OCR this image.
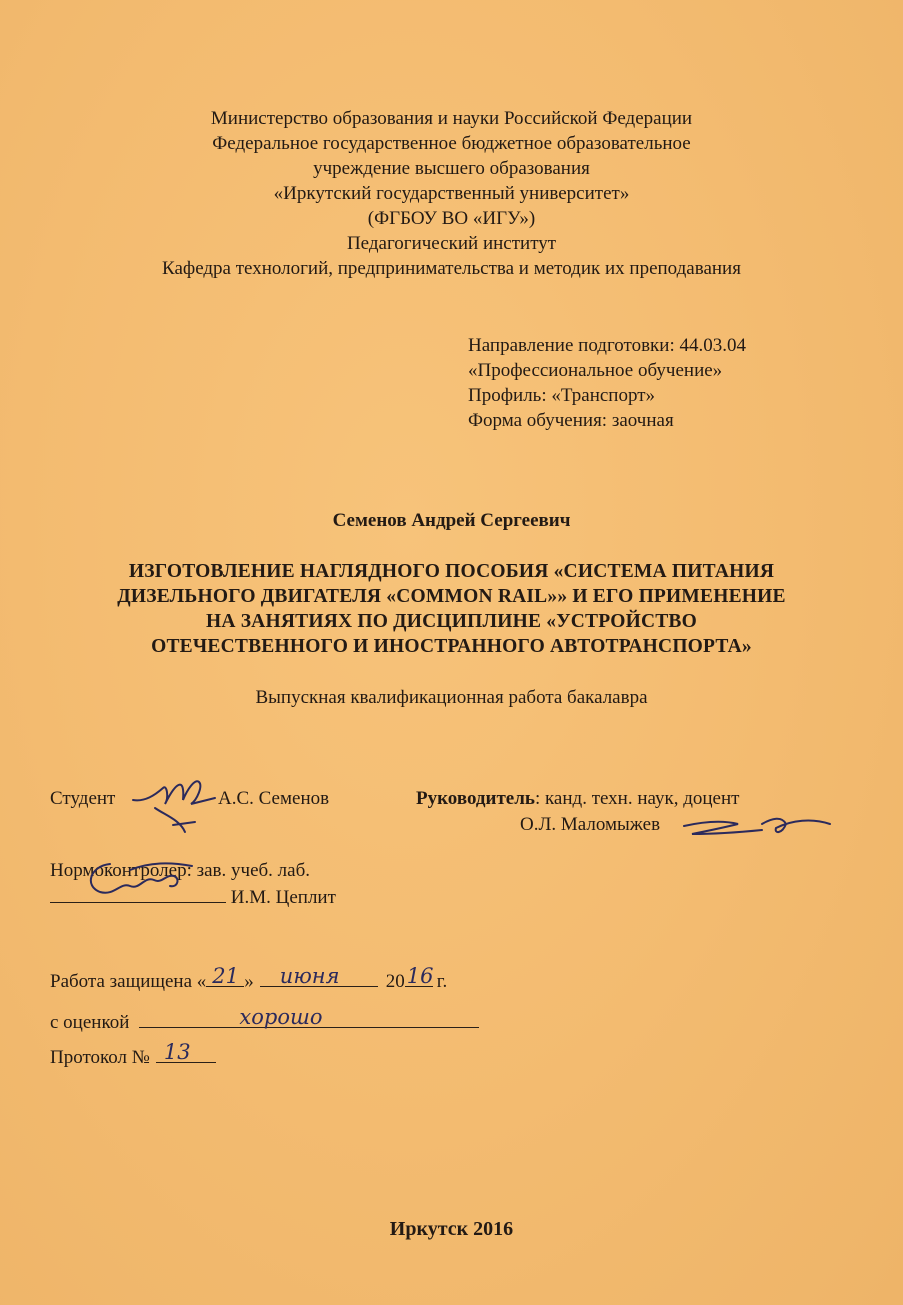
Министерство образования и науки Российской Федерации
Федеральное государственное бюджетное образовательное
учреждение высшего образования
«Иркутский государственный университет»
(ФГБОУ ВО «ИГУ»)
Педагогический институт
Кафедра технологий, предпринимательства и методик их преподавания
Направление подготовки: 44.03.04
«Профессиональное обучение»
Профиль: «Транспорт»
Форма обучения: заочная
Семенов Андрей Сергеевич
ИЗГОТОВЛЕНИЕ НАГЛЯДНОГО ПОСОБИЯ «СИСТЕМА ПИТАНИЯ
ДИЗЕЛЬНОГО ДВИГАТЕЛЯ «COMMON RAIL»» И ЕГО ПРИМЕНЕНИЕ
НА ЗАНЯТИЯХ ПО ДИСЦИПЛИНЕ «УСТРОЙСТВО
ОТЕЧЕСТВЕННОГО И ИНОСТРАННОГО АВТОТРАНСПОРТА»
Выпускная квалификационная работа бакалавра
Студент	А.С. Семенов	Руководитель: канд. техн. наук, доцент
О.Л. Маломыжев
Нормоконтролер: зав. учеб. лаб.
И.М. Цеплит
Работа защищена « 21 » июня 20 16 г.
с оценкой	хорошо
Протокол № 13
Иркутск 2016
